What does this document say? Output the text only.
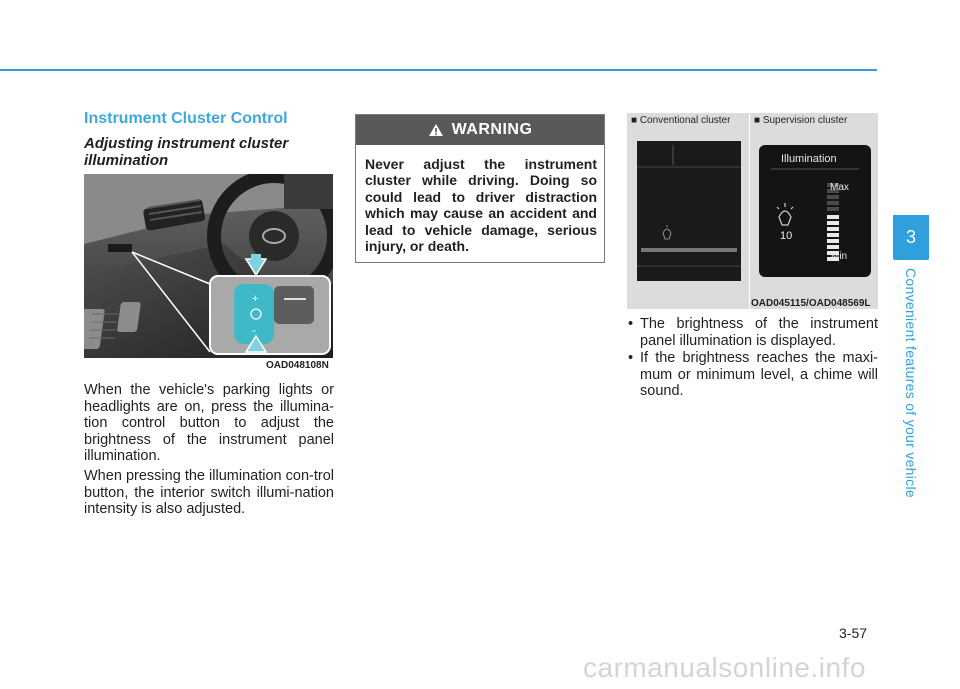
Instrument Cluster Control
Adjusting instrument cluster illumination
+
-
OAD048108N
When the vehicle's parking lights or headlights are on, press the illumina-tion control button to adjust the brightness of the instrument panel illumination.
When pressing the illumination con-trol button, the interior switch illumi-nation intensity is also adjusted.
WARNING
Never adjust the instrument cluster while driving. Doing so could lead to driver distraction which may cause an accident and lead to vehicle damage, serious injury, or death.
■ Conventional cluster ■ Supervision cluster
Illumination
10
Max
Min
OAD045115/OAD048569L
• The brightness of the instrument panel illumination is displayed.
• If the brightness reaches the maxi-mum or minimum level, a chime will sound.
3
Convenient features of your vehicle
3-57
carmanualsonline.info
